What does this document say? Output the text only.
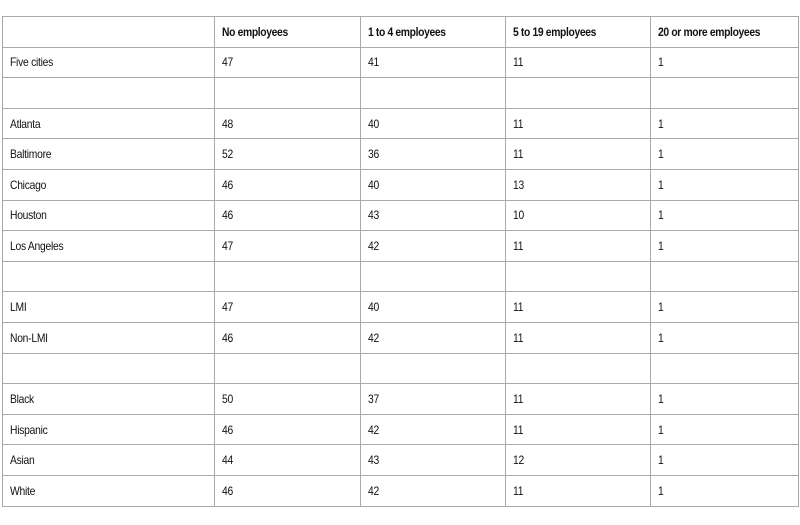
	No employees	1 to 4 employees	5 to 19 employees	20 or more employees
Five cities	47	41	11	1

Atlanta	48	40	11	1
Baltimore	52	36	11	1
Chicago	46	40	13	1
Houston	46	43	10	1
Los Angeles	47	42	11	1

LMI	47	40	11	1
Non-LMI	46	42	11	1

Black	50	37	11	1
Hispanic	46	42	11	1
Asian	44	43	12	1
White	46	42	11	1
